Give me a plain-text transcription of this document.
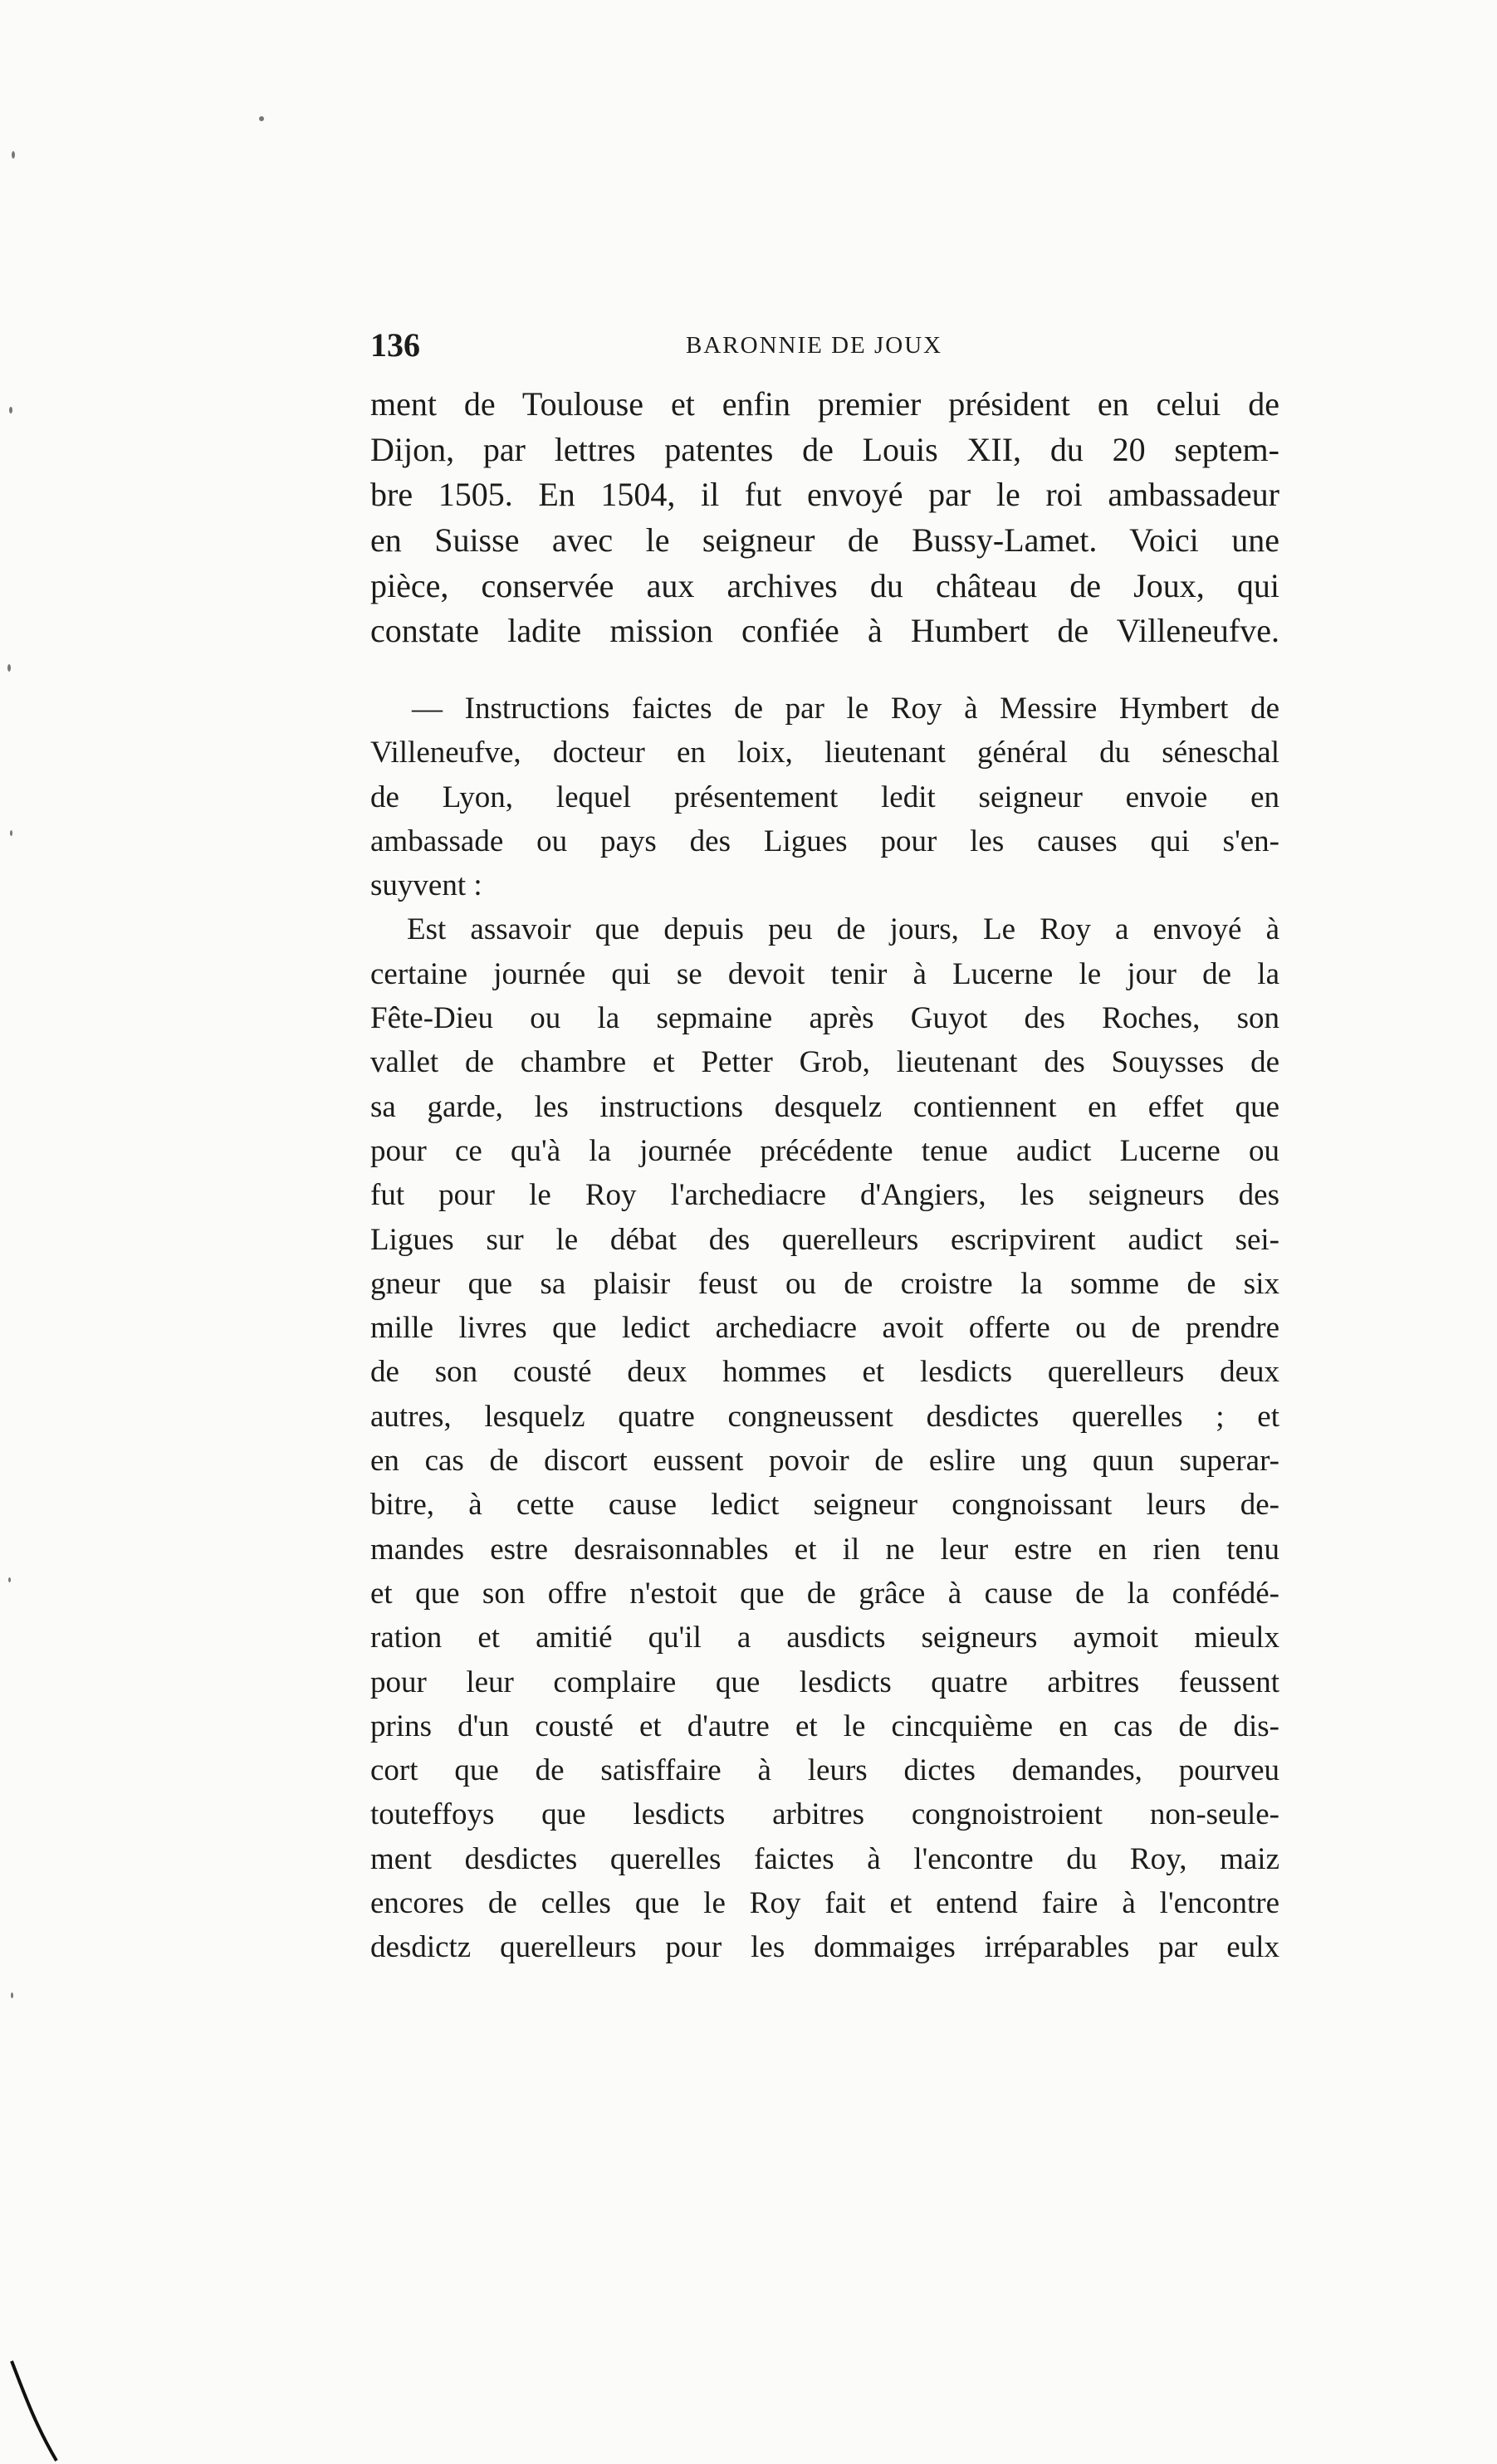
136	BARONNIE DE JOUX
ment de Toulouse et enfin premier président en celui de
Dijon, par lettres patentes de Louis XII, du 20 septem-
bre 1505. En 1504, il fut envoyé par le roi ambassadeur
en Suisse avec le seigneur de Bussy-Lamet. Voici une
pièce, conservée aux archives du château de Joux, qui
constate ladite mission confiée à Humbert de Villeneufve.
— Instructions faictes de par le Roy à Messire Hymbert de
Villeneufve, docteur en loix, lieutenant général du séneschal
de Lyon, lequel présentement ledit seigneur envoie en
ambassade ou pays des Ligues pour les causes qui s'en-
suyvent :
Est assavoir que depuis peu de jours, Le Roy a envoyé à
certaine journée qui se devoit tenir à Lucerne le jour de la
Fête-Dieu ou la sepmaine après Guyot des Roches, son
vallet de chambre et Petter Grob, lieutenant des Souysses de
sa garde, les instructions desquelz contiennent en effet que
pour ce qu'à la journée précédente tenue audict Lucerne ou
fut pour le Roy l'archediacre d'Angiers, les seigneurs des
Ligues sur le débat des querelleurs escripvirent audict sei-
gneur que sa plaisir feust ou de croistre la somme de six
mille livres que ledict archediacre avoit offerte ou de prendre
de son cousté deux hommes et lesdicts querelleurs deux
autres, lesquelz quatre congneussent desdictes querelles ; et
en cas de discort eussent povoir de eslire ung quun superar-
bitre, à cette cause ledict seigneur congnoissant leurs de-
mandes estre desraisonnables et il ne leur estre en rien tenu
et que son offre n'estoit que de grâce à cause de la confédé-
ration et amitié qu'il a ausdicts seigneurs aymoit mieulx
pour leur complaire que lesdicts quatre arbitres feussent
prins d'un cousté et d'autre et le cincquième en cas de dis-
cort que de satisffaire à leurs dictes demandes, pourveu
touteffoys que lesdicts arbitres congnoistroient non-seule-
ment desdictes querelles faictes à l'encontre du Roy, maiz
encores de celles que le Roy fait et entend faire à l'encontre
desdictz querelleurs pour les dommaiges irréparables par eulx
